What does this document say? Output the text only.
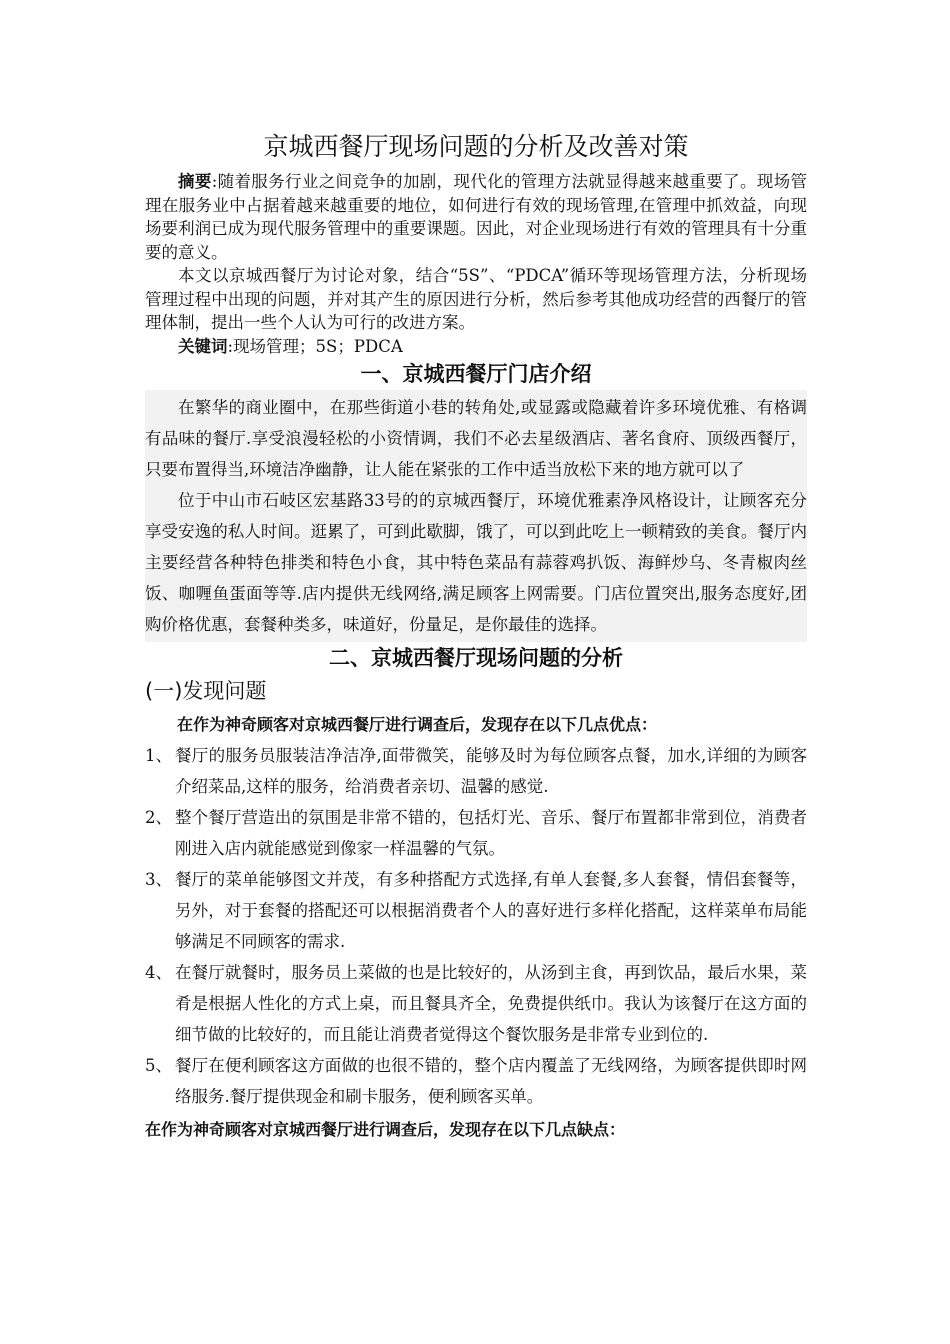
京城西餐厅现场问题的分析及改善对策

摘要:随着服务行业之间竞争的加剧，现代化的管理方法就显得越来越重要了。现场管理在服务业中占据着越来越重要的地位，如何进行有效的现场管理,在管理中抓效益，向现场要利润已成为现代服务管理中的重要课题。因此，对企业现场进行有效的管理具有十分重要的意义。

本文以京城西餐厅为讨论对象，结合“5S”、“PDCA”循环等现场管理方法，分析现场管理过程中出现的问题，并对其产生的原因进行分析，然后参考其他成功经营的西餐厅的管理体制，提出一些个人认为可行的改进方案。

关键词:现场管理；5S；PDCA

一、京城西餐厅门店介绍

在繁华的商业圈中，在那些街道小巷的转角处,或显露或隐藏着许多环境优雅、有格调有品味的餐厅.享受浪漫轻松的小资情调，我们不必去星级酒店、著名食府、顶级西餐厅，只要布置得当,环境洁净幽静，让人能在紧张的工作中适当放松下来的地方就可以了

位于中山市石岐区宏基路33号的的京城西餐厅，环境优雅素净风格设计，让顾客充分享受安逸的私人时间。逛累了，可到此歇脚，饿了，可以到此吃上一顿精致的美食。餐厅内主要经营各种特色排类和特色小食，其中特色菜品有蒜蓉鸡扒饭、海鲜炒乌、冬青椒肉丝饭、咖喱鱼蛋面等等.店内提供无线网络,满足顾客上网需要。门店位置突出,服务态度好,团购价格优惠，套餐种类多，味道好，份量足，是你最佳的选择。

二、京城西餐厅现场问题的分析
(一)发现问题

在作为神奇顾客对京城西餐厅进行调查后，发现存在以下几点优点：

1、 餐厅的服务员服装洁净洁净,面带微笑，能够及时为每位顾客点餐，加水,详细的为顾客介绍菜品,这样的服务，给消费者亲切、温馨的感觉.
2、 整个餐厅营造出的氛围是非常不错的，包括灯光、音乐、餐厅布置都非常到位，消费者刚进入店内就能感觉到像家一样温馨的气氛。
3、 餐厅的菜单能够图文并茂，有多种搭配方式选择,有单人套餐,多人套餐，情侣套餐等，另外，对于套餐的搭配还可以根据消费者个人的喜好进行多样化搭配，这样菜单布局能够满足不同顾客的需求.
4、 在餐厅就餐时，服务员上菜做的也是比较好的，从汤到主食，再到饮品，最后水果，菜肴是根据人性化的方式上桌，而且餐具齐全，免费提供纸巾。我认为该餐厅在这方面的细节做的比较好的，而且能让消费者觉得这个餐饮服务是非常专业到位的.
5、 餐厅在便利顾客这方面做的也很不错的，整个店内覆盖了无线网络，为顾客提供即时网络服务.餐厅提供现金和刷卡服务，便利顾客买单。

在作为神奇顾客对京城西餐厅进行调查后，发现存在以下几点缺点：
